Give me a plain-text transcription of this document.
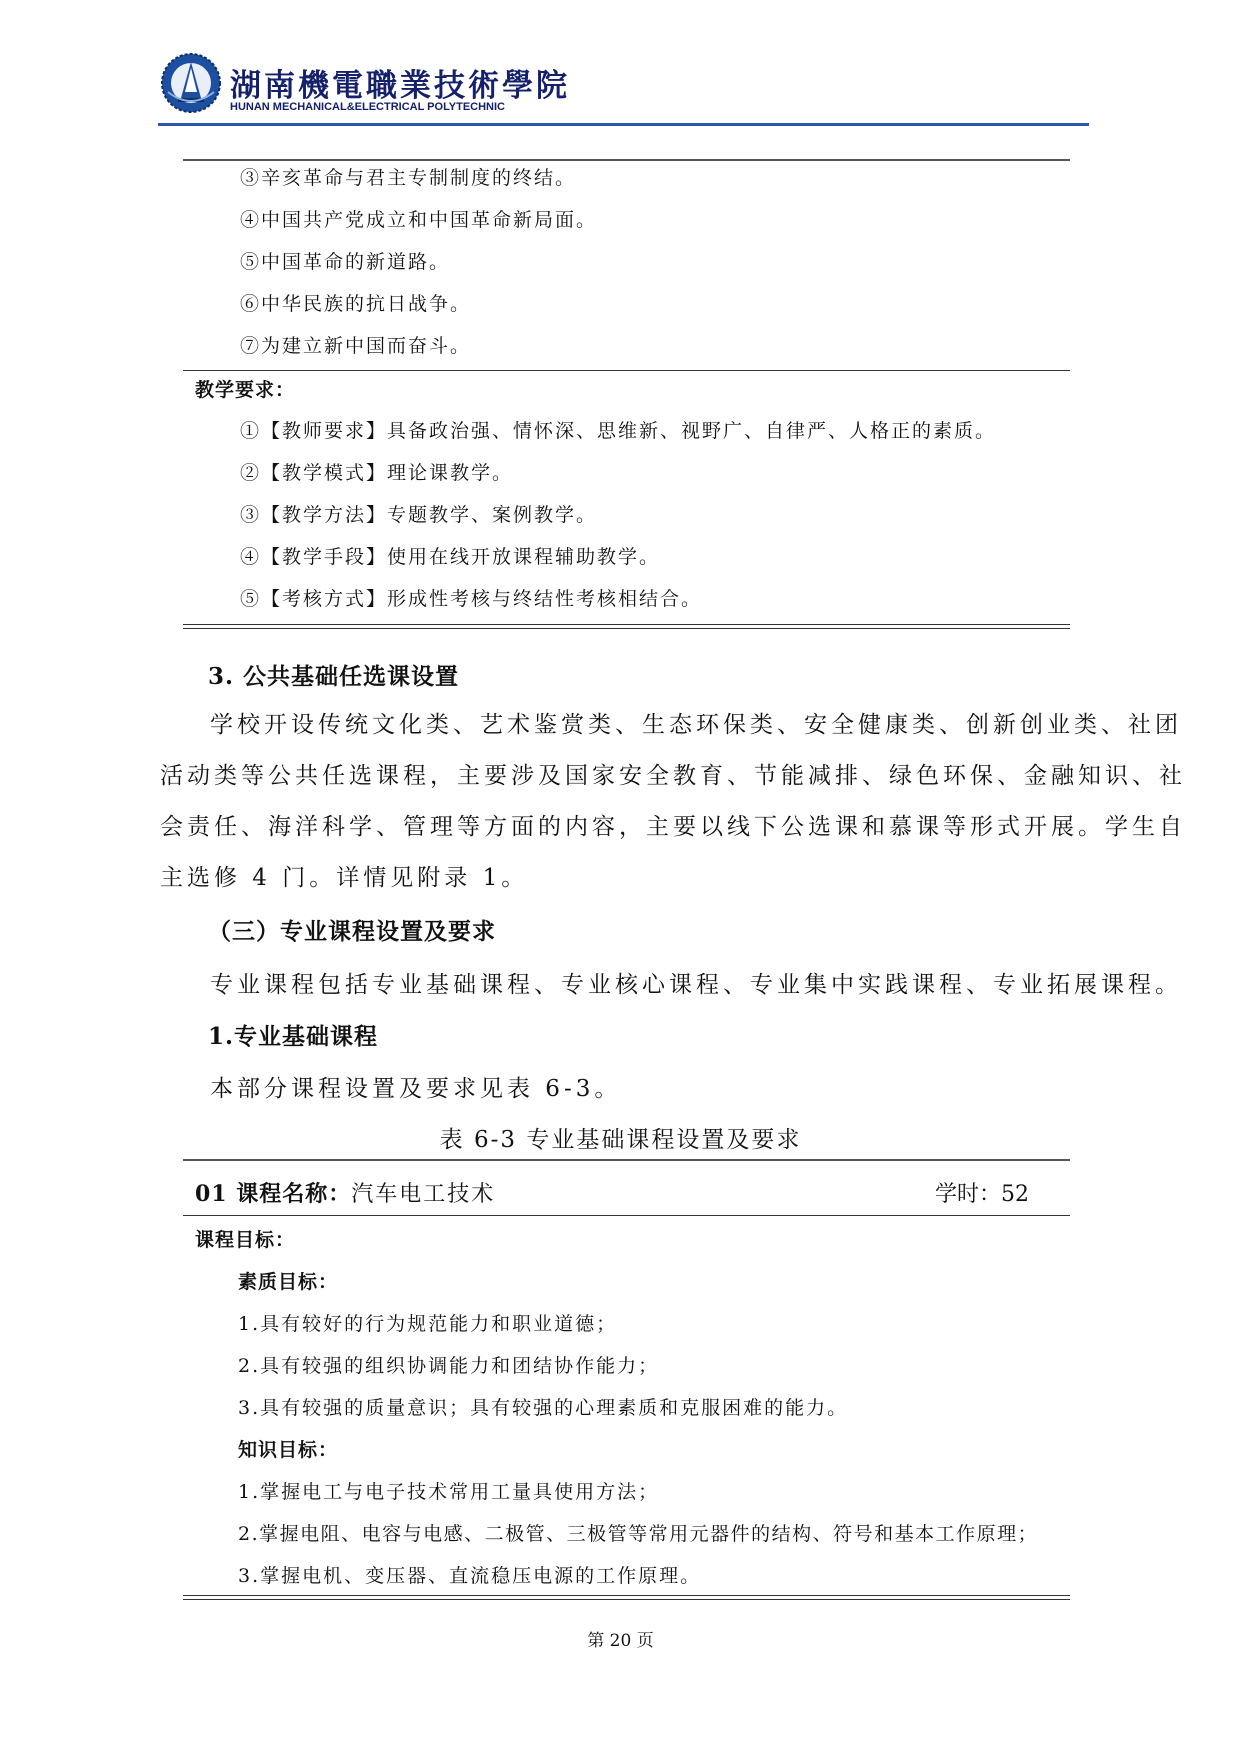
湖南機電職業技術學院
HUNAN MECHANICAL&ELECTRICAL POLYTECHNIC
③辛亥革命与君主专制制度的终结。
④中国共产党成立和中国革命新局面。
⑤中国革命的新道路。
⑥中华民族的抗日战争。
⑦为建立新中国而奋斗。
教学要求：
①【教师要求】具备政治强、情怀深、思维新、视野广、自律严、人格正的素质。
②【教学模式】理论课教学。
③【教学方法】专题教学、案例教学。
④【教学手段】使用在线开放课程辅助教学。
⑤【考核方式】形成性考核与终结性考核相结合。
3. 公共基础任选课设置
学校开设传统文化类、艺术鉴赏类、生态环保类、安全健康类、创新创业类、社团
活动类等公共任选课程，主要涉及国家安全教育、节能减排、绿色环保、金融知识、社
会责任、海洋科学、管理等方面的内容，主要以线下公选课和慕课等形式开展。学生自
主选修 4 门。详情见附录 1。
（三）专业课程设置及要求
专业课程包括专业基础课程、专业核心课程、专业集中实践课程、专业拓展课程。
1.专业基础课程
本部分课程设置及要求见表 6-3。
表 6-3 专业基础课程设置及要求
01 课程名称：汽车电工技术	学时：52
课程目标：
素质目标：
1.具有较好的行为规范能力和职业道德；
2.具有较强的组织协调能力和团结协作能力；
3.具有较强的质量意识；具有较强的心理素质和克服困难的能力。
知识目标：
1.掌握电工与电子技术常用工量具使用方法；
2.掌握电阻、电容与电感、二极管、三极管等常用元器件的结构、符号和基本工作原理；
3.掌握电机、变压器、直流稳压电源的工作原理。
第 20 页
